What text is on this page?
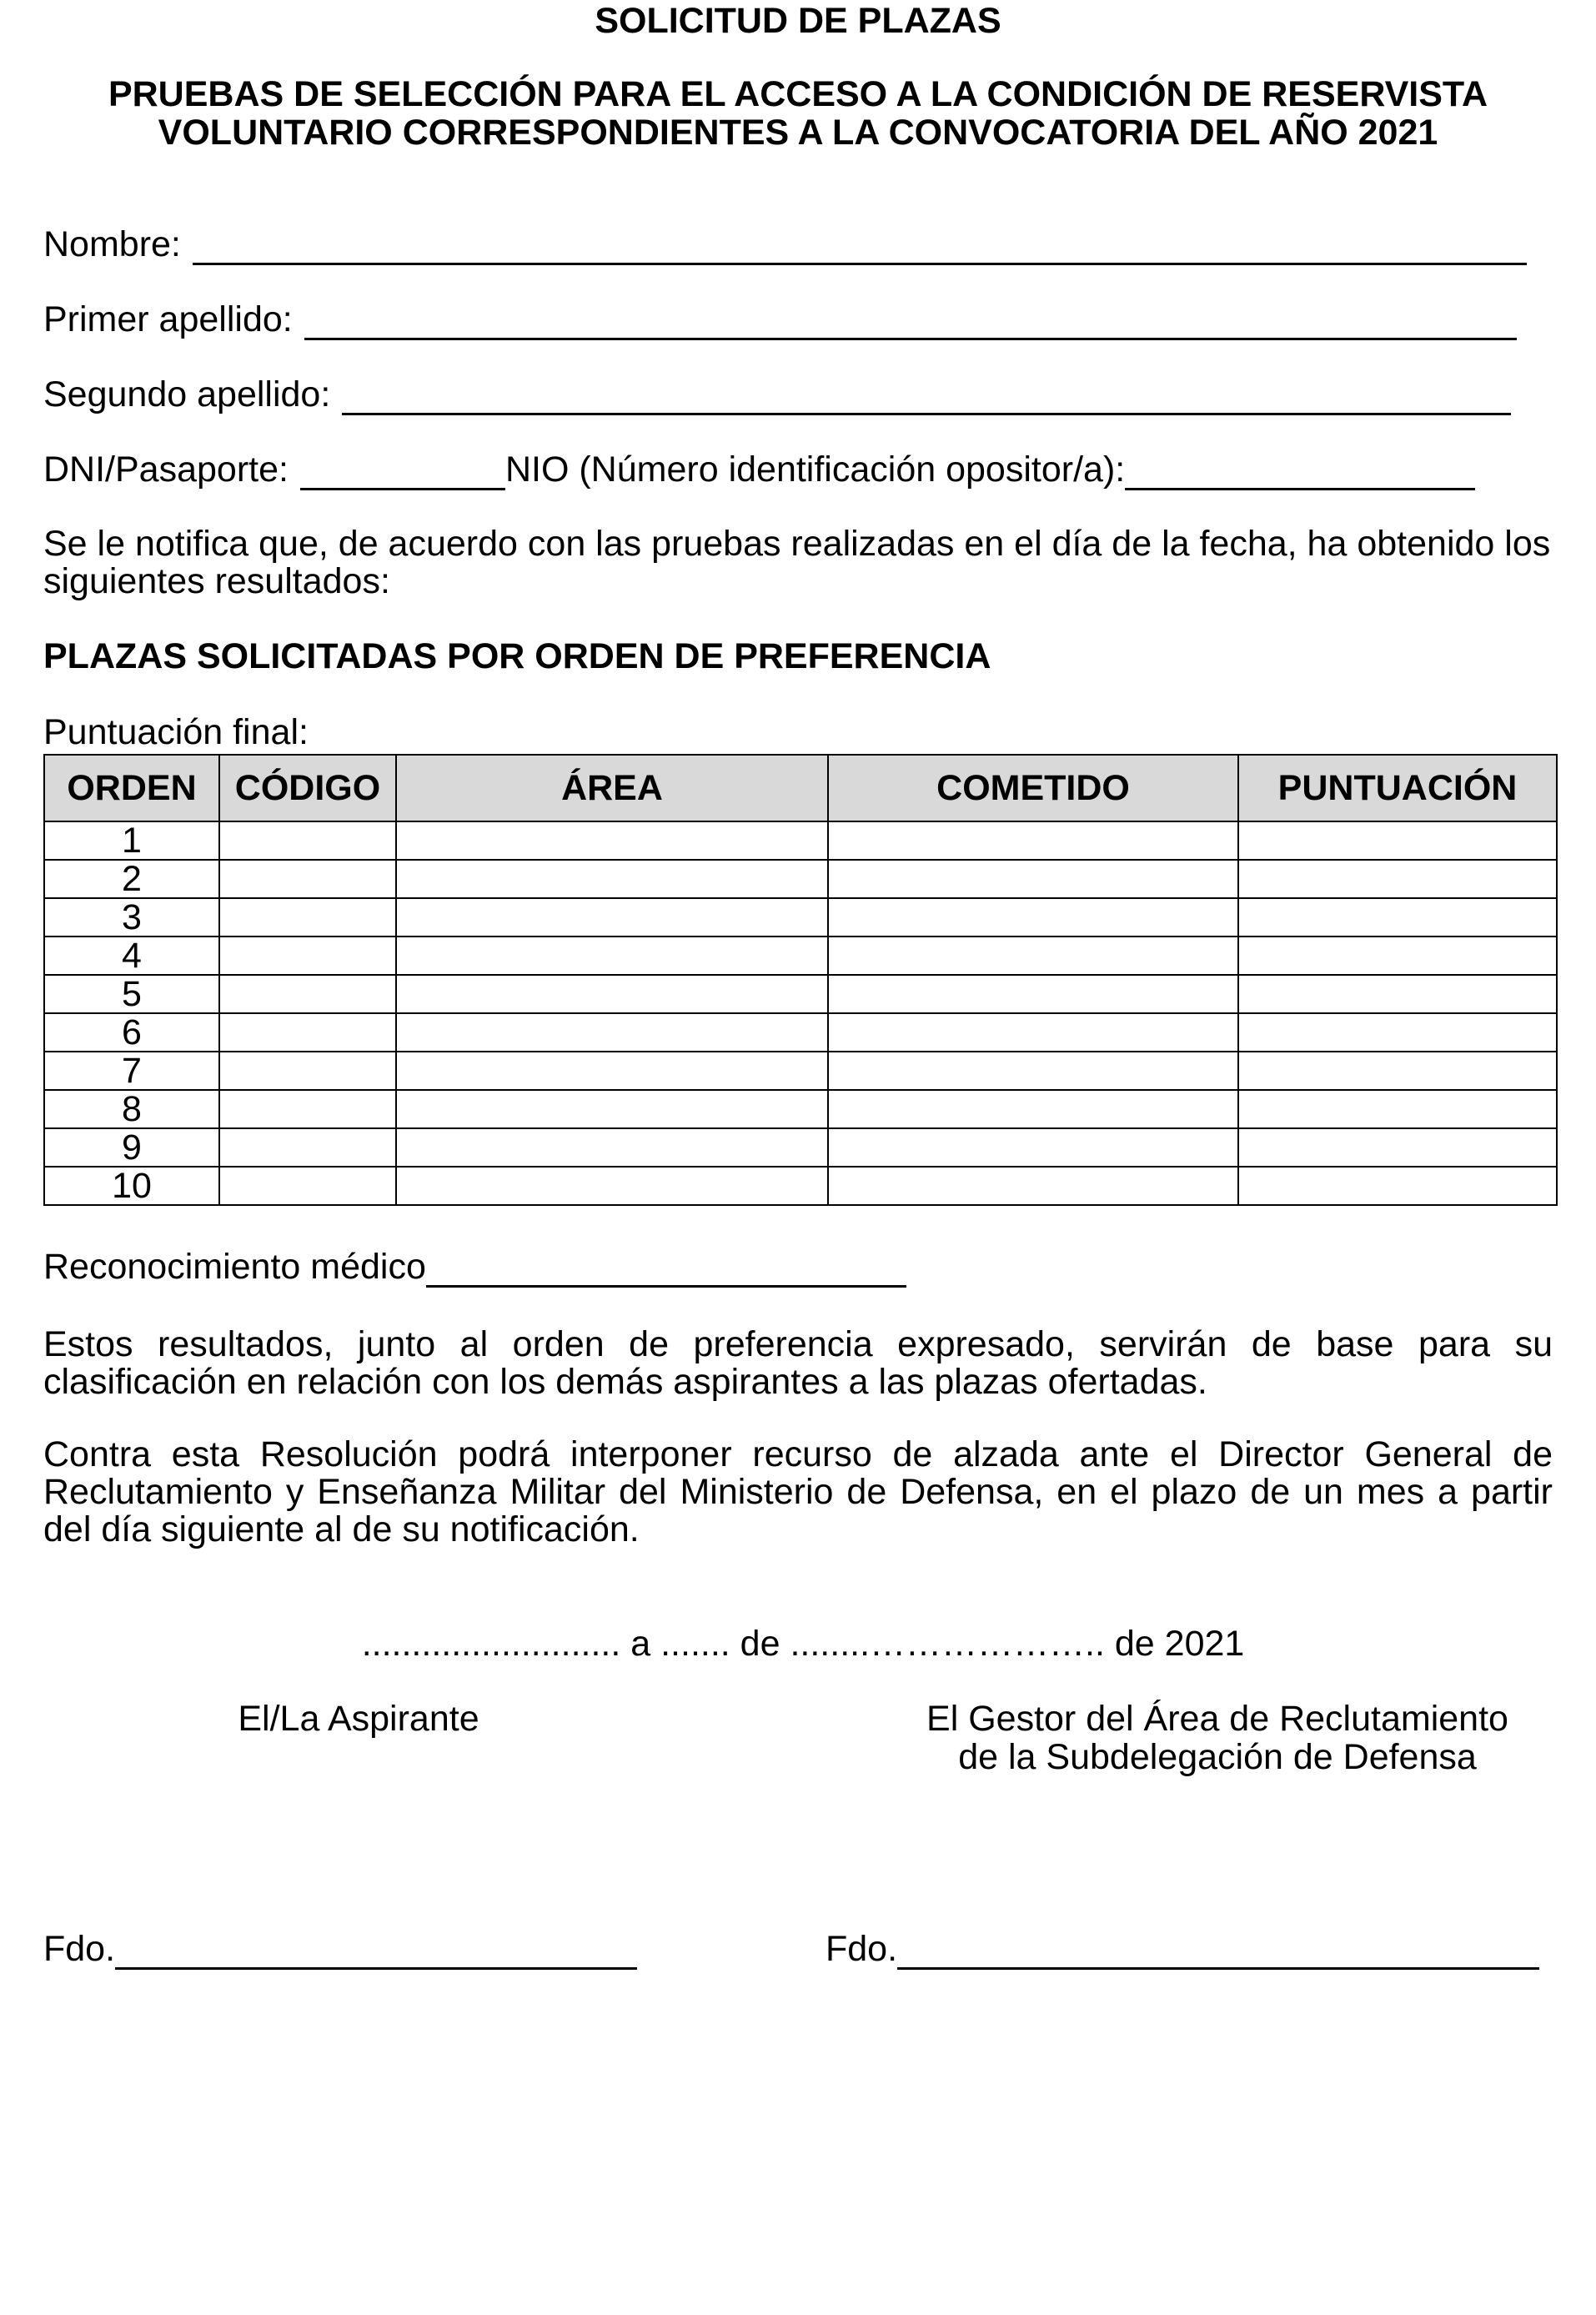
SOLICITUD DE PLAZAS

PRUEBAS DE SELECCIÓN PARA EL ACCESO A LA CONDICIÓN DE RESERVISTA

VOLUNTARIO CORRESPONDIENTES A LA CONVOCATORIA DEL AÑO 2021

Nombre:
Primer apellido:
Segundo apellido:
DNI/Pasaporte:	NIO (Número identificación opositor/a):

Se le notifica que, de acuerdo con las pruebas realizadas en el día de la fecha, ha obtenido los siguientes resultados:

PLAZAS SOLICITADAS POR ORDEN DE PREFERENCIA

Puntuación final:

ORDEN	CÓDIGO	ÁREA	COMETIDO	PUNTUACIÓN
1				
2				
3				
4				
5				
6				
7				
8				
9				
10				
Reconocimiento médico

Estos resultados, junto al orden de preferencia expresado, servirán de base para su clasificación en relación con los demás aspirantes a las plazas ofertadas.

Contra esta Resolución podrá interponer recurso de alzada ante el Director General de Reclutamiento y Enseñanza Militar del Ministerio de Defensa, en el plazo de un mes a partir del día siguiente al de su notificación.

.......................... a ....... de ........……………….. de 2021

El/La Aspirante	El Gestor del Área de Reclutamiento

de la Subdelegación de Defensa

Fdo.	Fdo.
